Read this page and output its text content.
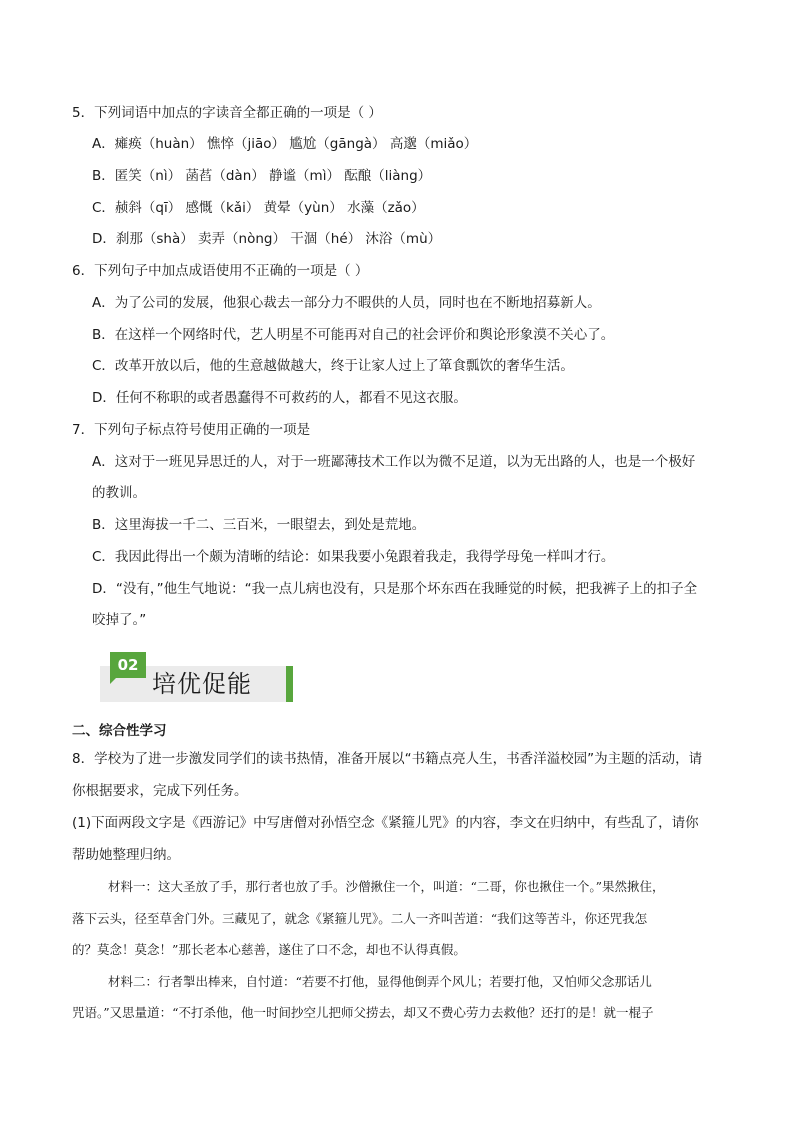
5．下列词语中加点的字读音全都正确的一项是（ ）
A．瘫痪（huàn） 憔悴（jiāo） 尴尬（gāngà） 高邈（miǎo）
B．匿笑（nì） 菡萏（dàn） 静谧（mì） 酝酿（liàng）
C．赪斜（qī） 感慨（kǎi） 黄晕（yùn） 水藻（zǎo）
D．刹那（shà） 卖弄（nòng） 干涸（hé） 沐浴（mù）
6．下列句子中加点成语使用不正确的一项是（ ）
A．为了公司的发展，他狠心裁去一部分力不暇供的人员，同时也在不断地招募新人。
B．在这样一个网络时代，艺人明星不可能再对自己的社会评价和舆论形象漠不关心了。
C．改革开放以后，他的生意越做越大，终于让家人过上了箪食瓢饮的奢华生活。
D．任何不称职的或者愚蠢得不可救药的人，都看不见这衣服。
7．下列句子标点符号使用正确的一项是
A．这对于一班见异思迁的人，对于一班鄙薄技术工作以为微不足道，以为无出路的人，也是一个极好
的教训。
B．这里海拔一千二、三百米，一眼望去，到处是荒地。
C．我因此得出一个颇为清晰的结论：如果我要小兔跟着我走，我得学母兔一样叫才行。
D．“没有，”他生气地说：“我一点儿病也没有，只是那个坏东西在我睡觉的时候，把我裤子上的扣子全
咬掉了。”
02
培优促能
二、综合性学习
8．学校为了进一步激发同学们的读书热情，准备开展以“书籍点亮人生，书香洋溢校园”为主题的活动，请
你根据要求，完成下列任务。
(1)下面两段文字是《西游记》中写唐僧对孙悟空念《紧箍儿咒》的内容，李文在归纳中，有些乱了，请你
帮助她整理归纳。
材料一：这大圣放了手，那行者也放了手。沙僧揪住一个，叫道：“二哥，你也揪住一个。”果然揪住，
落下云头，径至草舍门外。三藏见了，就念《紧箍儿咒》。二人一齐叫苦道：“我们这等苦斗，你还咒我怎
的？莫念！莫念！”那长老本心慈善，遂住了口不念，却也不认得真假。
材料二：行者掣出棒来，自忖道：“若要不打他，显得他倒弄个风儿；若要打他，又怕师父念那话儿
咒语。”又思量道：“不打杀他，他一时间抄空儿把师父捞去，却又不费心劳力去救他？还打的是！就一棍子
